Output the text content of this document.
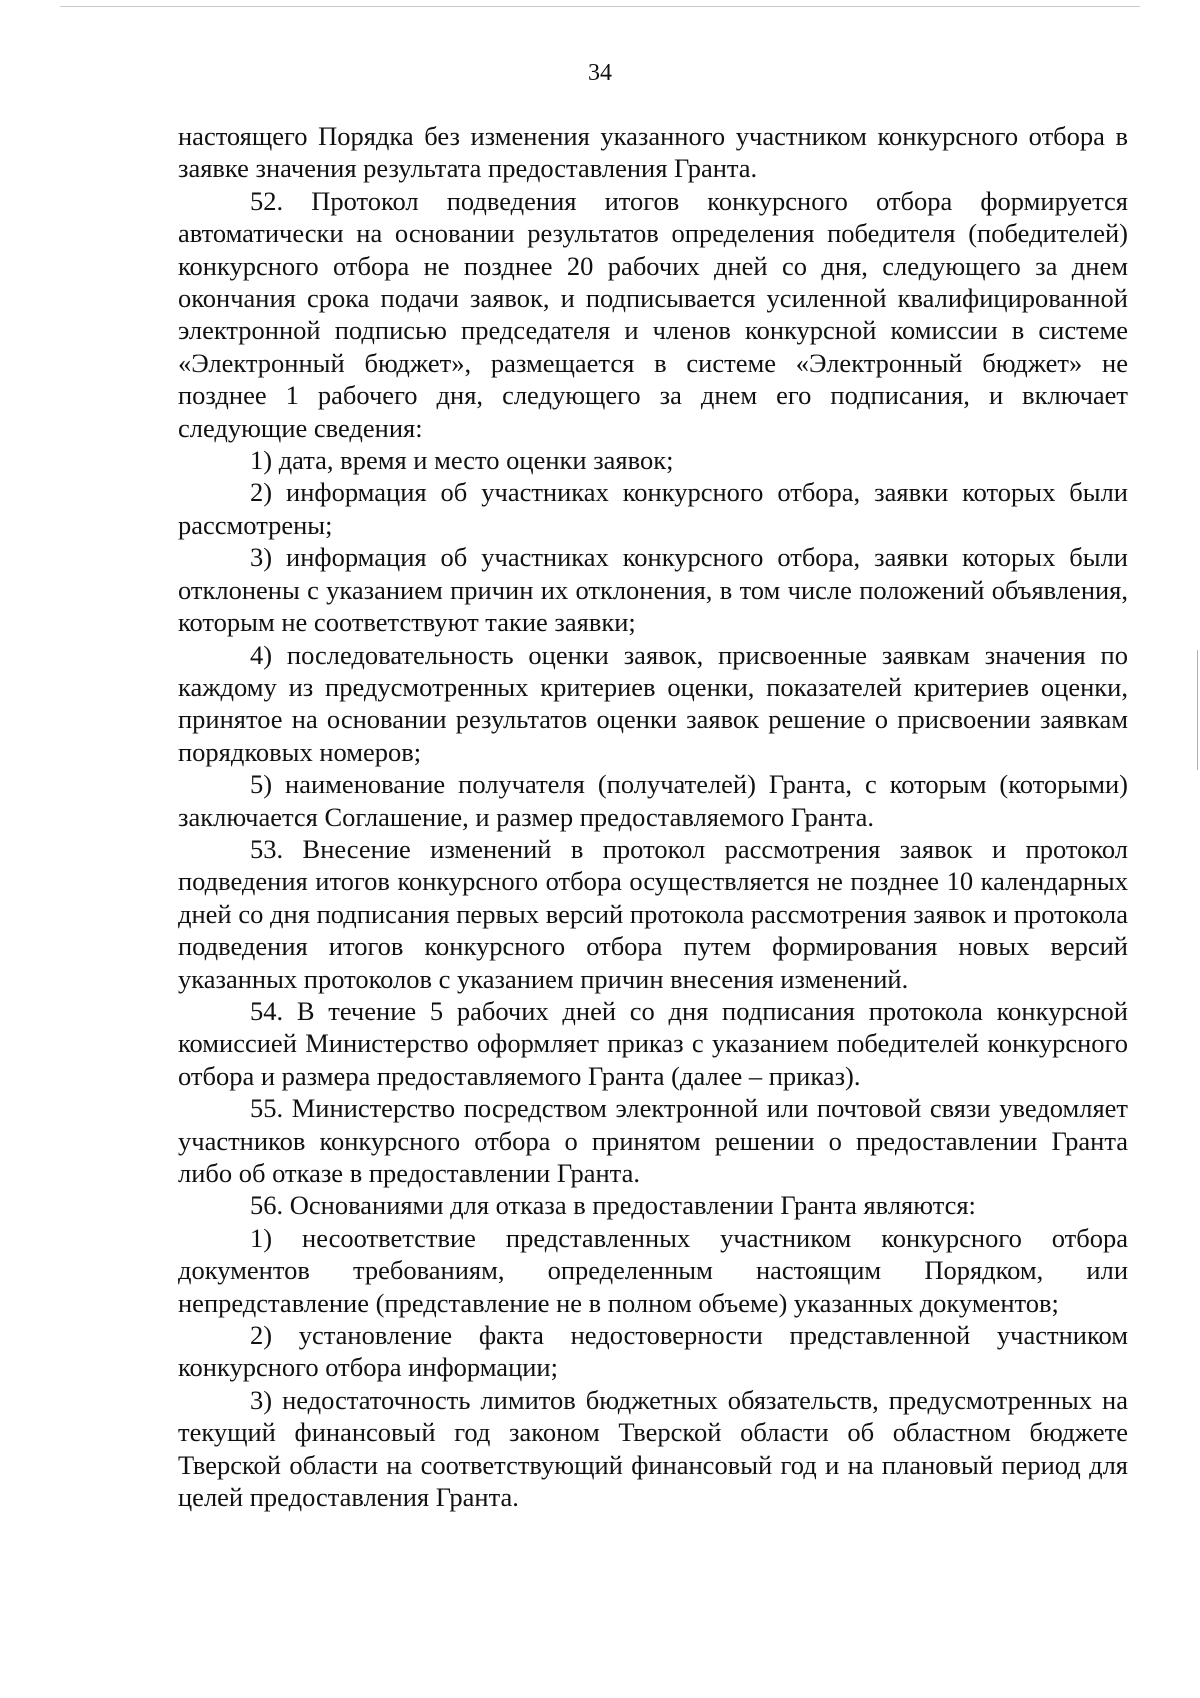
34

настоящего Порядка без изменения указанного участником конкурсного отбора в заявке значения результата предоставления Гранта.

52. Протокол подведения итогов конкурсного отбора формируется автоматически на основании результатов определения победителя (победителей) конкурсного отбора не позднее 20 рабочих дней со дня, следующего за днем окончания срока подачи заявок, и подписывается усиленной квалифицированной электронной подписью председателя и членов конкурсной комиссии в системе «Электронный бюджет», размещается в системе «Электронный бюджет» не позднее 1 рабочего дня, следующего за днем его подписания, и включает следующие сведения:

1) дата, время и место оценки заявок;

2) информация об участниках конкурсного отбора, заявки которых были рассмотрены;

3) информация об участниках конкурсного отбора, заявки которых были отклонены с указанием причин их отклонения, в том числе положений объявления, которым не соответствуют такие заявки;

4) последовательность оценки заявок, присвоенные заявкам значения по каждому из предусмотренных критериев оценки, показателей критериев оценки, принятое на основании результатов оценки заявок решение о присвоении заявкам порядковых номеров;

5) наименование получателя (получателей) Гранта, с которым (которыми) заключается Соглашение, и размер предоставляемого Гранта.

53. Внесение изменений в протокол рассмотрения заявок и протокол подведения итогов конкурсного отбора осуществляется не позднее 10 календарных дней со дня подписания первых версий протокола рассмотрения заявок и протокола подведения итогов конкурсного отбора путем формирования новых версий указанных протоколов с указанием причин внесения изменений.

54. В течение 5 рабочих дней со дня подписания протокола конкурсной комиссией Министерство оформляет приказ с указанием победителей конкурсного отбора и размера предоставляемого Гранта (далее – приказ).

55. Министерство посредством электронной или почтовой связи уведомляет участников конкурсного отбора о принятом решении о предоставлении Гранта либо об отказе в предоставлении Гранта.

56. Основаниями для отказа в предоставлении Гранта являются:

1) несоответствие представленных участником конкурсного отбора документов требованиям, определенным настоящим Порядком, или непредставление (представление не в полном объеме) указанных документов;

2) установление факта недостоверности представленной участником конкурсного отбора информации;

3) недостаточность лимитов бюджетных обязательств, предусмотренных на текущий финансовый год законом Тверской области об областном бюджете Тверской области на соответствующий финансовый год и на плановый период для целей предоставления Гранта.
